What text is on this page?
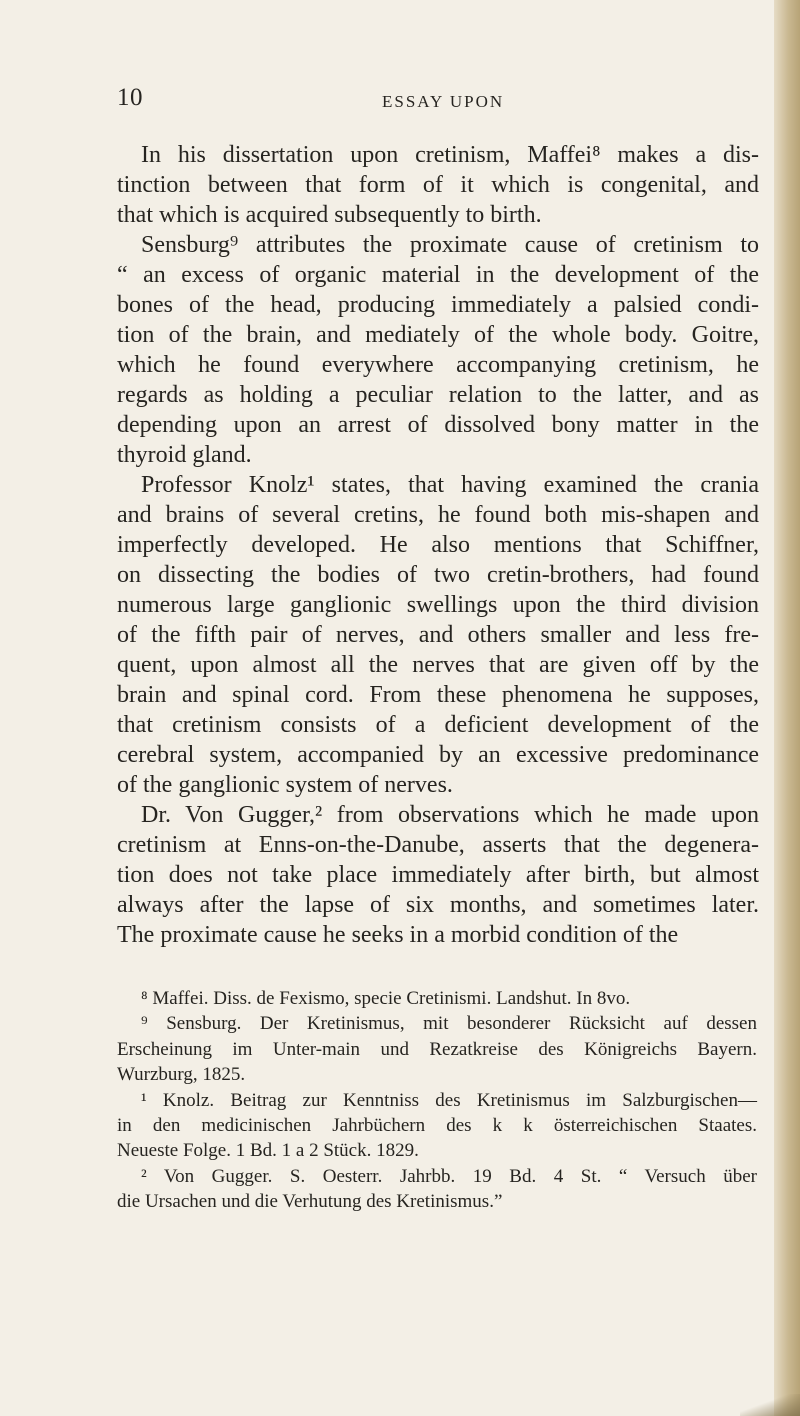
10	ESSAY UPON
In his dissertation upon cretinism, Maffei⁸ makes a dis-
tinction between that form of it which is congenital, and
that which is acquired subsequently to birth.
Sensburg⁹ attributes the proximate cause of cretinism to
“ an excess of organic material in the development of the
bones of the head, producing immediately a palsied condi-
tion of the brain, and mediately of the whole body. Goitre,
which he found everywhere accompanying cretinism, he
regards as holding a peculiar relation to the latter, and as
depending upon an arrest of dissolved bony matter in the
thyroid gland.
Professor Knolz¹ states, that having examined the crania
and brains of several cretins, he found both mis-shapen and
imperfectly developed. He also mentions that Schiffner,
on dissecting the bodies of two cretin-brothers, had found
numerous large ganglionic swellings upon the third division
of the fifth pair of nerves, and others smaller and less fre-
quent, upon almost all the nerves that are given off by the
brain and spinal cord. From these phenomena he supposes,
that cretinism consists of a deficient development of the
cerebral system, accompanied by an excessive predominance
of the ganglionic system of nerves.
Dr. Von Gugger,² from observations which he made upon
cretinism at Enns-on-the-Danube, asserts that the degenera-
tion does not take place immediately after birth, but almost
always after the lapse of six months, and sometimes later.
The proximate cause he seeks in a morbid condition of the
⁸ Maffei. Diss. de Fexismo, specie Cretinismi. Landshut. In 8vo.
⁹ Sensburg. Der Kretinismus, mit besonderer Rücksicht auf dessen
Erscheinung im Unter-main und Rezatkreise des Königreichs Bayern.
Wurzburg, 1825.
¹ Knolz. Beitrag zur Kenntniss des Kretinismus im Salzburgischen—
in den medicinischen Jahrbüchern des k k österreichischen Staates.
Neueste Folge. 1 Bd. 1 a 2 Stück. 1829.
² Von Gugger. S. Oesterr. Jahrbb. 19 Bd. 4 St. “ Versuch über
die Ursachen und die Verhutung des Kretinismus.”
